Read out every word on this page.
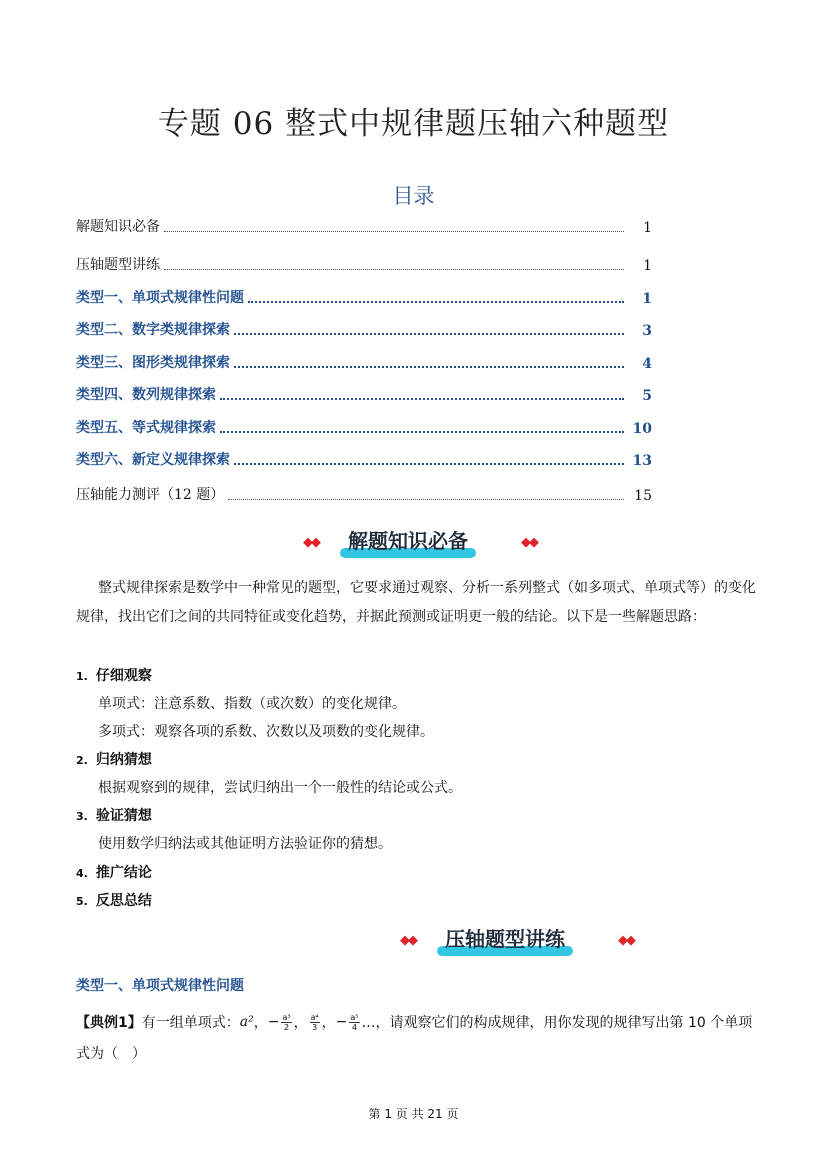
专题 06 整式中规律题压轴六种题型
目录
解题知识必备	1
压轴题型讲练	1
类型一、单项式规律性问题	1
类型二、数字类规律探索	3
类型三、图形类规律探索	4
类型四、数列规律探索	5
类型五、等式规律探索	10
类型六、新定义规律探索	13
压轴能力测评（12 题）	15
◆◆	解题知识必备	◆◆
整式规律探索是数学中一种常见的题型，它要求通过观察、分析一系列整式（如多项式、单项式等）的变化规律，找出它们之间的共同特征或变化趋势，并据此预测或证明更一般的结论。以下是一些解题思路：
1. 仔细观察
单项式：注意系数、指数（或次数）的变化规律。
多项式：观察各项的系数、次数以及项数的变化规律。
2. 归纳猜想
根据观察到的规律，尝试归纳出一个一般性的结论或公式。
3. 验证猜想
使用数学归纳法或其他证明方法验证你的猜想。
4. 推广结论
5. 反思总结
◆◆	压轴题型讲练	◆◆
类型一、单项式规律性问题
【典例1】 有一组单项式： a² ， − $\frac{\text{a³}}{2}$ ， $\frac{\text{a⁴}}{3}$ ， − $\frac{\text{a⁵}}{4}$ …，请观察它们的构成规律，用你发现的规律写出第 10 个单项
式为（　）
第 1 页 共 21 页
